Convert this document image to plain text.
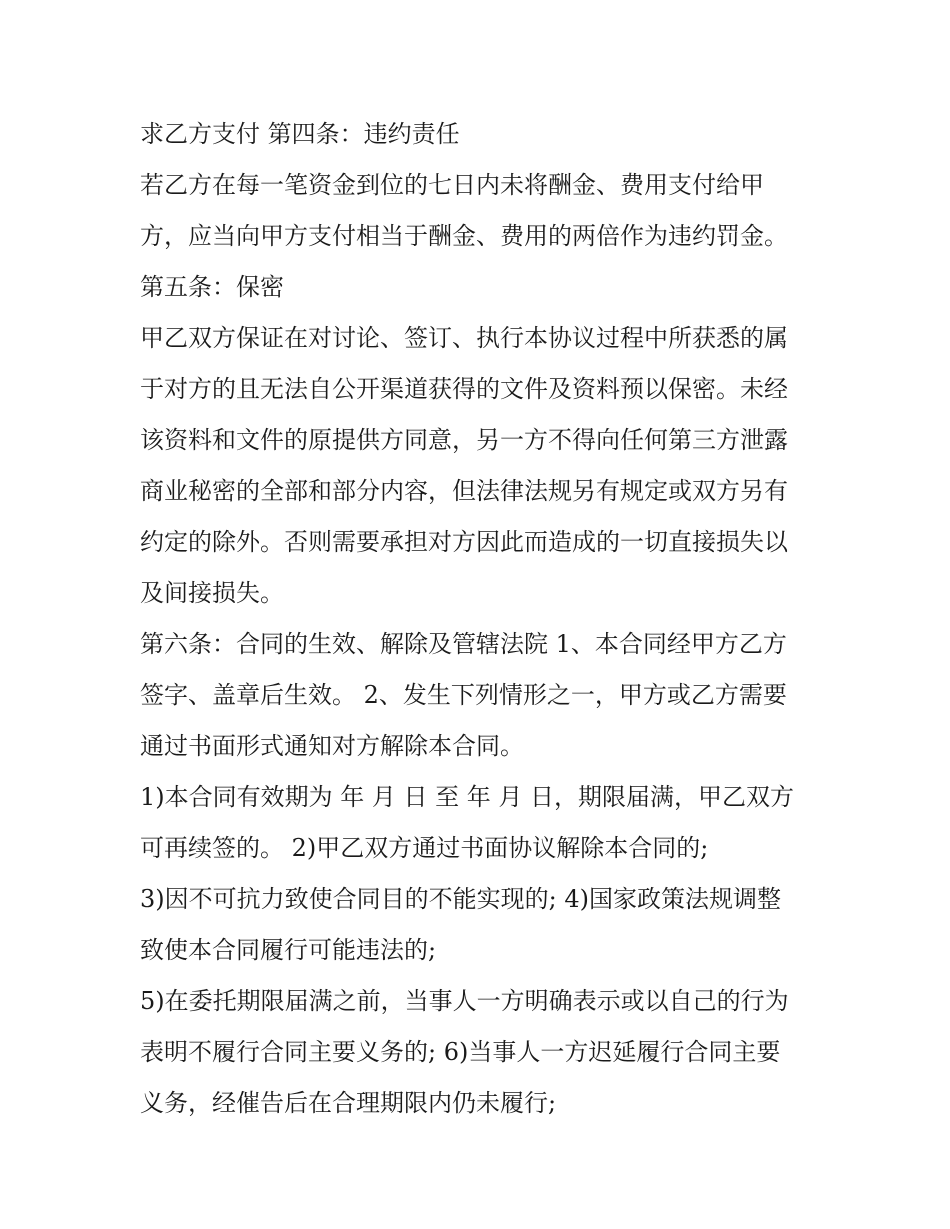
求乙方支付 第四条：违约责任
若乙方在每一笔资金到位的七日内未将酬金、费用支付给甲
方，应当向甲方支付相当于酬金、费用的两倍作为违约罚金。
第五条：保密
甲乙双方保证在对讨论、签订、执行本协议过程中所获悉的属
于对方的且无法自公开渠道获得的文件及资料预以保密。未经
该资料和文件的原提供方同意，另一方不得向任何第三方泄露
商业秘密的全部和部分内容，但法律法规另有规定或双方另有
约定的除外。否则需要承担对方因此而造成的一切直接损失以
及间接损失。
第六条：合同的生效、解除及管辖法院 1、本合同经甲方乙方
签字、盖章后生效。 2、发生下列情形之一，甲方或乙方需要
通过书面形式通知对方解除本合同。
1)本合同有效期为 年 月 日 至 年 月 日，期限届满，甲乙双方
可再续签的。 2)甲乙双方通过书面协议解除本合同的;
3)因不可抗力致使合同目的不能实现的; 4)国家政策法规调整
致使本合同履行可能违法的;
5)在委托期限届满之前，当事人一方明确表示或以自己的行为
表明不履行合同主要义务的; 6)当事人一方迟延履行合同主要
义务，经催告后在合理期限内仍未履行;
